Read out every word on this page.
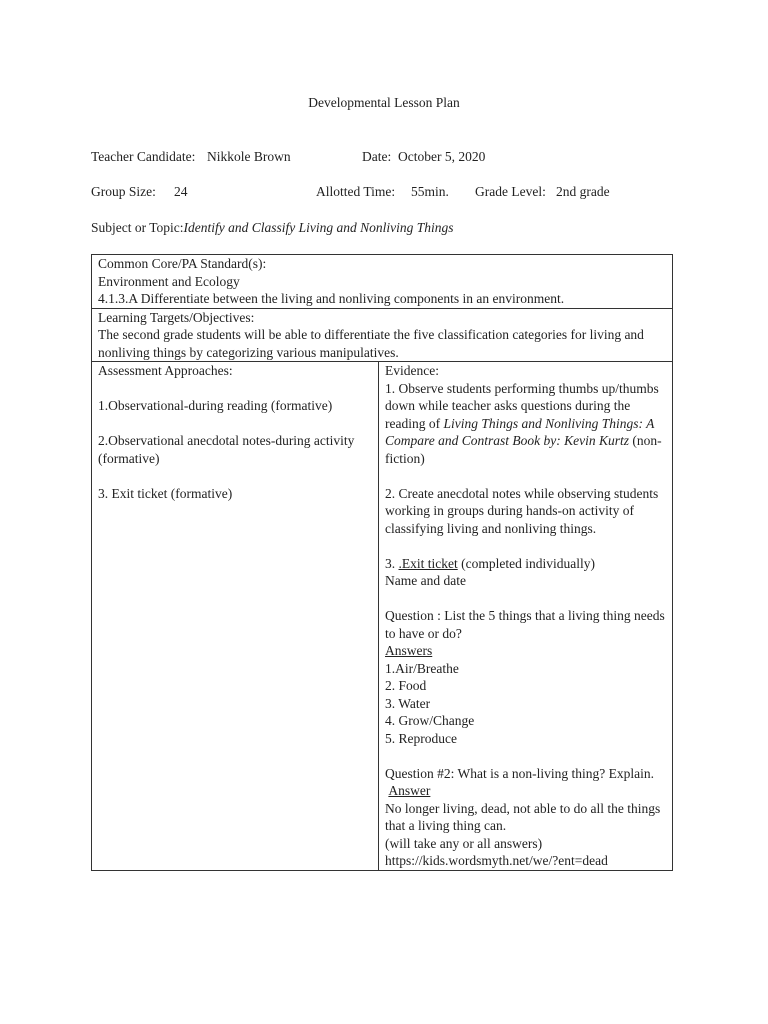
Developmental Lesson Plan
Teacher Candidate: Nikkole Brown	Date: October 5, 2020
Group Size: 24	Allotted Time: 55min. Grade Level: 2nd grade
Subject or Topic:Identify and Classify Living and Nonliving Things
Common Core/PA Standard(s):
Environment and Ecology
4.1.3.A Differentiate between the living and nonliving components in an environment.

Learning Targets/Objectives:
The second grade students will be able to differentiate the five classification categories for living and nonliving things by categorizing various manipulatives.

Assessment Approaches:
1.Observational-during reading (formative)
2.Observational anecdotal notes-during activity (formative)
3. Exit ticket (formative)

Evidence:
1. Observe students performing thumbs up/thumbs down while teacher asks questions during the reading of Living Things and Nonliving Things: A Compare and Contrast Book by: Kevin Kurtz (non-fiction)
2. Create anecdotal notes while observing students working in groups during hands-on activity of classifying living and nonliving things.
3. .Exit ticket (completed individually)
Name and date
Question : List the 5 things that a living thing needs to have or do?
Answers
1.Air/Breathe
2. Food
3. Water
4. Grow/Change
5. Reproduce
Question #2: What is a non-living thing? Explain.
Answer
No longer living, dead, not able to do all the things that a living thing can.
(will take any or all answers)
https://kids.wordsmyth.net/we/?ent=dead
